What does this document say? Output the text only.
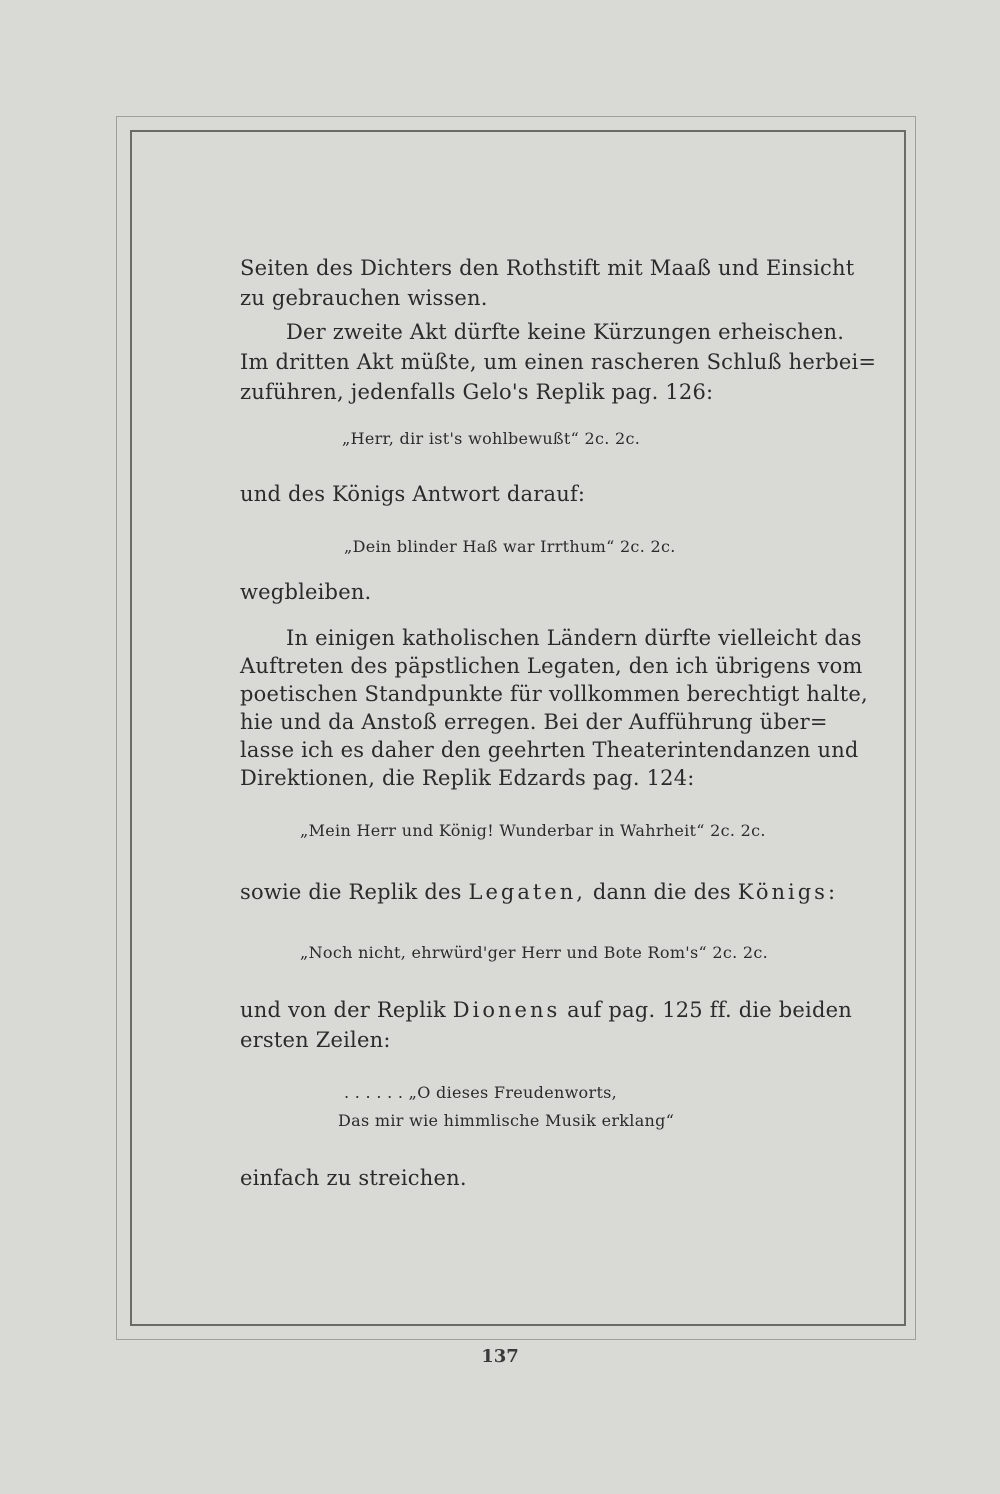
Seiten des Dichters den Rothstift mit Maaß und Einsicht
zu gebrauchen wissen.
Der zweite Akt dürfte keine Kürzungen erheischen.
Im dritten Akt müßte, um einen rascheren Schluß herbei=
zuführen, jedenfalls Gelo's Replik pag. 126:
„Herr, dir ist's wohlbewußt“ 2c. 2c.
und des Königs Antwort darauf:
„Dein blinder Haß war Irrthum“ 2c. 2c.
wegbleiben.
In einigen katholischen Ländern dürfte vielleicht das
Auftreten des päpstlichen Legaten, den ich übrigens vom
poetischen Standpunkte für vollkommen berechtigt halte,
hie und da Anstoß erregen. Bei der Aufführung über=
lasse ich es daher den geehrten Theaterintendanzen und
Direktionen, die Replik Edzards pag. 124:
„Mein Herr und König! Wunderbar in Wahrheit“ 2c. 2c.
sowie die Replik des Legaten, dann die des Königs:
„Noch nicht, ehrwürd'ger Herr und Bote Rom's“ 2c. 2c.
und von der Replik Dionens auf pag. 125 ff. die beiden
ersten Zeilen:
. . . . . . „O dieses Freudenworts,
Das mir wie himmlische Musik erklang“
einfach zu streichen.
137
